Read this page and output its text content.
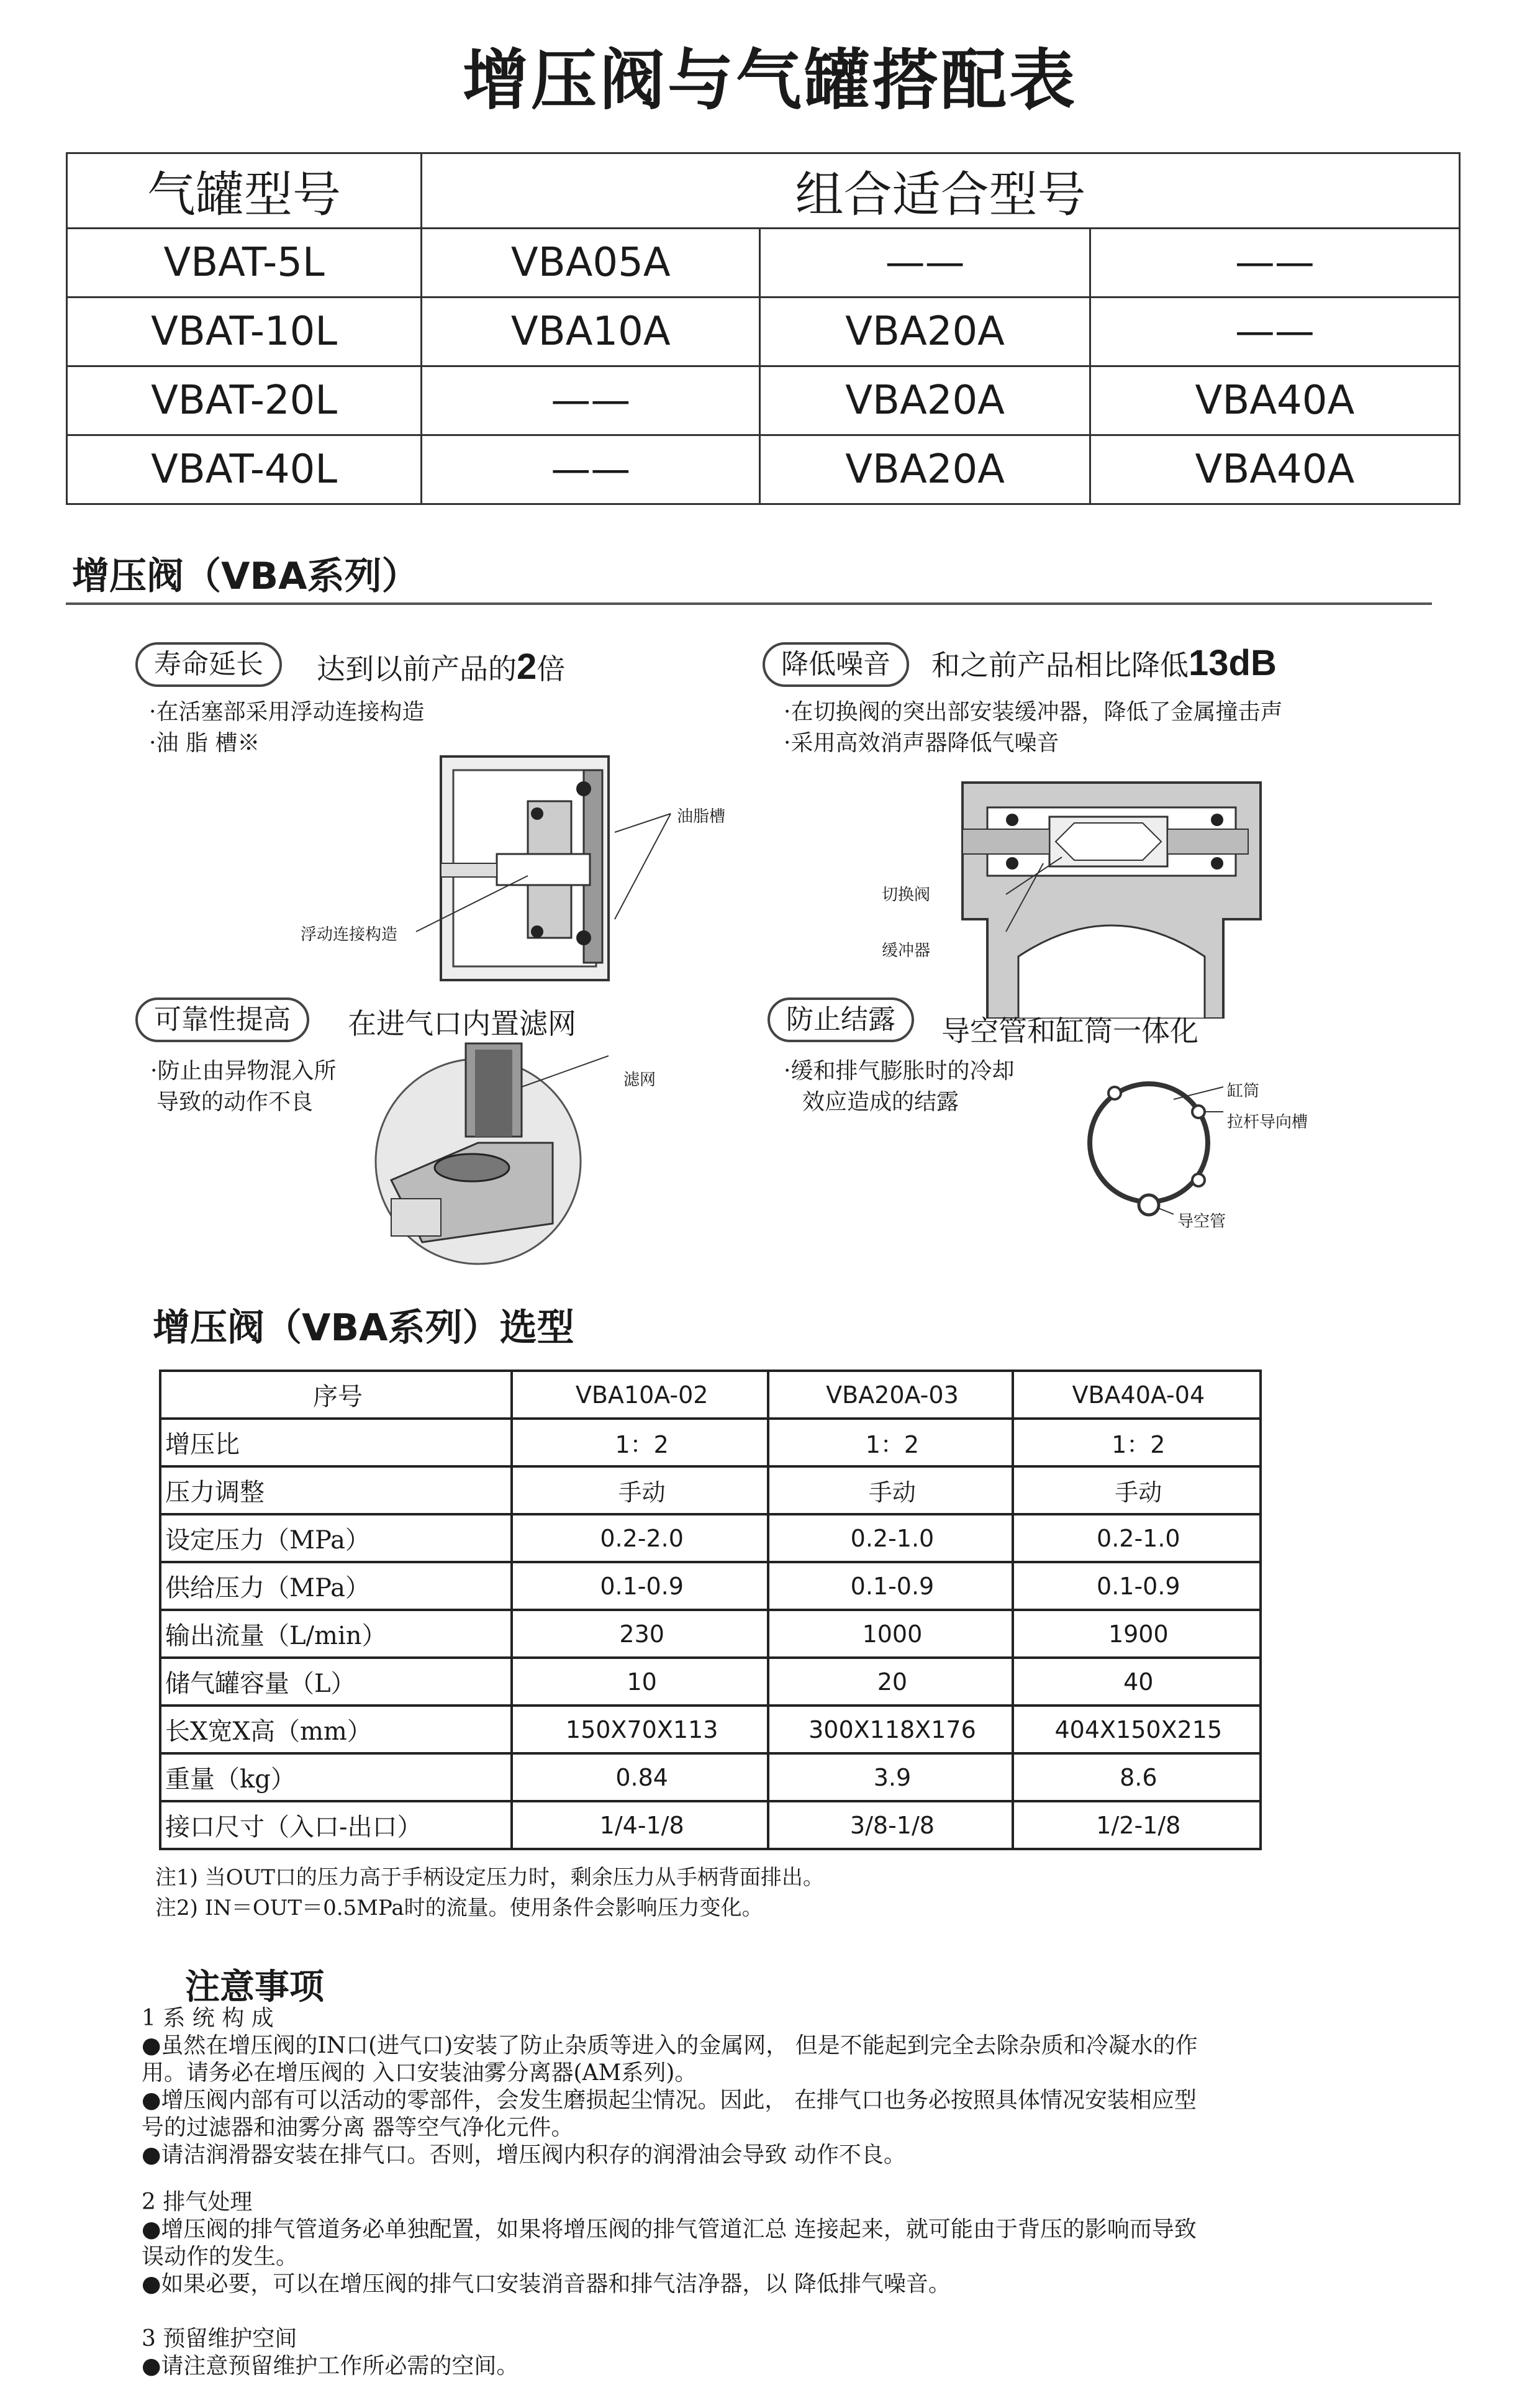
增压阀与气罐搭配表
气罐型号	组合适合型号		
VBAT-5L	VBA05A	——	——
VBAT-10L	VBA10A	VBA20A	——
VBAT-20L	——	VBA20A	VBA40A
VBAT-40L	——	VBA20A	VBA40A
增压阀（VBA系列）
寿命延长	达到以前产品的2倍
·在活塞部采用浮动连接构造
·油 脂 槽※
油脂槽
浮动连接构造
降低噪音	和之前产品相比降低13dB
·在切换阀的突出部安装缓冲器，降低了金属撞击声
·采用高效消声器降低气噪音
切换阀
缓冲器
可靠性提高	在进气口内置滤网
·防止由异物混入所
导致的动作不良
滤网
防止结露	导空管和缸筒一体化
·缓和排气膨胀时的冷却
效应造成的结露	缸筒
拉杆导向槽
导空管
增压阀（VBA系列）选型
序号	VBA10A-02	VBA20A-03	VBA40A-04
增压比	1：2	1：2	1：2
压力调整	手动	手动	手动
设定压力（MPa）	0.2-2.0	0.2-1.0	0.2-1.0
供给压力（MPa）	0.1-0.9	0.1-0.9	0.1-0.9
输出流量（L/min）	230	1000	1900
储气罐容量（L）	10	20	40
长X宽X高（mm）	150X70X113	300X118X176	404X150X215
重量（kg）	0.84	3.9	8.6
接口尺寸（入口-出口）	1/4-1/8	3/8-1/8	1/2-1/8
注1) 当OUT口的压力高于手柄设定压力时，剩余压力从手柄背面排出。
注2) IN＝OUT＝0.5MPa时的流量。使用条件会影响压力变化。
注意事项
1 系 统 构 成
●虽然在增压阀的IN口(进气口)安装了防止杂质等进入的金属网， 但是不能起到完全去除杂质和冷凝水的作
用。请务必在增压阀的 入口安装油雾分离器(AM系列)。
●增压阀内部有可以活动的零部件，会发生磨损起尘情况。因此， 在排气口也务必按照具体情况安装相应型
号的过滤器和油雾分离 器等空气净化元件。
●请洁润滑器安装在排气口。否则，增压阀内积存的润滑油会导致 动作不良。
2 排气处理
●增压阀的排气管道务必单独配置，如果将增压阀的排气管道汇总 连接起来，就可能由于背压的影响而导致
误动作的发生。
●如果必要，可以在增压阀的排气口安装消音器和排气洁净器，以 降低排气噪音。
3 预留维护空间
●请注意预留维护工作所必需的空间。
